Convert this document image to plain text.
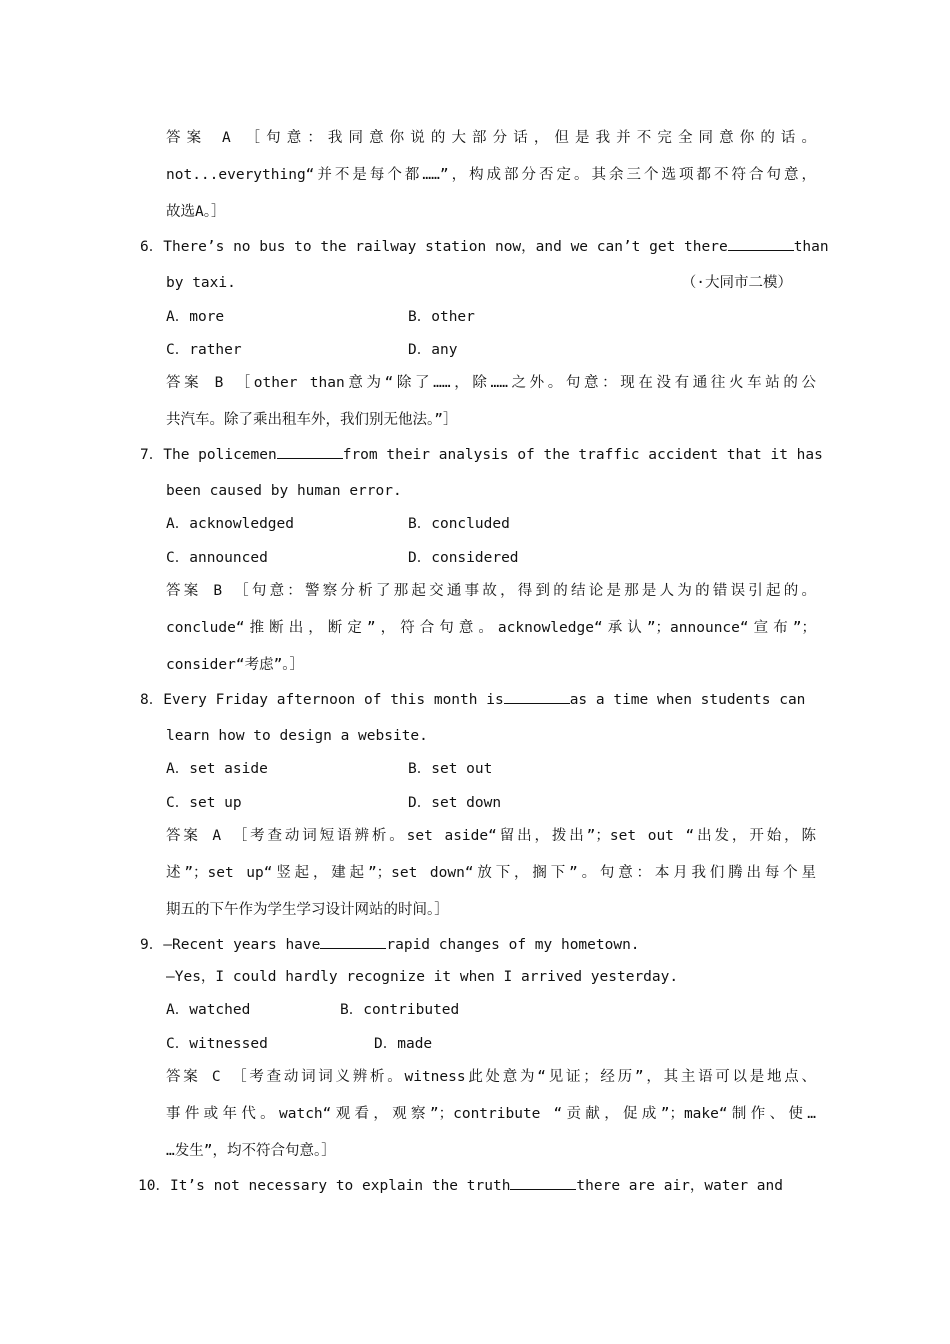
答案 A ［句意：我同意你说的大部分话，但是我并不完全同意你的话。
not...everything“并不是每个都……”，构成部分否定。其余三个选项都不符合句意，
故选A。］
6．There’s no bus to the railway station now，and we can’t get there	than
by taxi.	（·大同市二模）
A．more	B．other
C．rather	D．any
答案 B ［other than意为“除了……，除……之外。句意：现在没有通往火车站的公
共汽车。除了乘出租车外，我们别无他法。”］
7．The policemen	from their analysis of the traffic accident that it has
been caused by human error.
A．acknowledged	B．concluded
C．announced	D．considered
答案 B ［句意：警察分析了那起交通事故，得到的结论是那是人为的错误引起的。
conclude“推断出，断定”，符合句意。acknowledge“承认”；announce“宣布”；
consider“考虑”。］
8．Every Friday afternoon of this month is	as a time when students can
learn how to design a website.
A．set aside	B．set out
C．set up	D．set down
答案 A ［考查动词短语辨析。set aside“留出，拨出”；set out “出发，开始，陈
述”；set up“竖起，建起”；set down“放下，搁下”。句意：本月我们腾出每个星
期五的下午作为学生学习设计网站的时间。］
9．—Recent years have	rapid changes of my hometown.
—Yes，I could hardly recognize it when I arrived yesterday.
A．watched	B．contributed
C．witnessed	D．made
答案 C ［考查动词词义辨析。witness此处意为“见证；经历”，其主语可以是地点、
事件或年代。watch“观看，观察”；contribute “贡献，促成”；make“制作、使…
…发生”，均不符合句意。］
10．It’s not necessary to explain the truth	there are air，water and
